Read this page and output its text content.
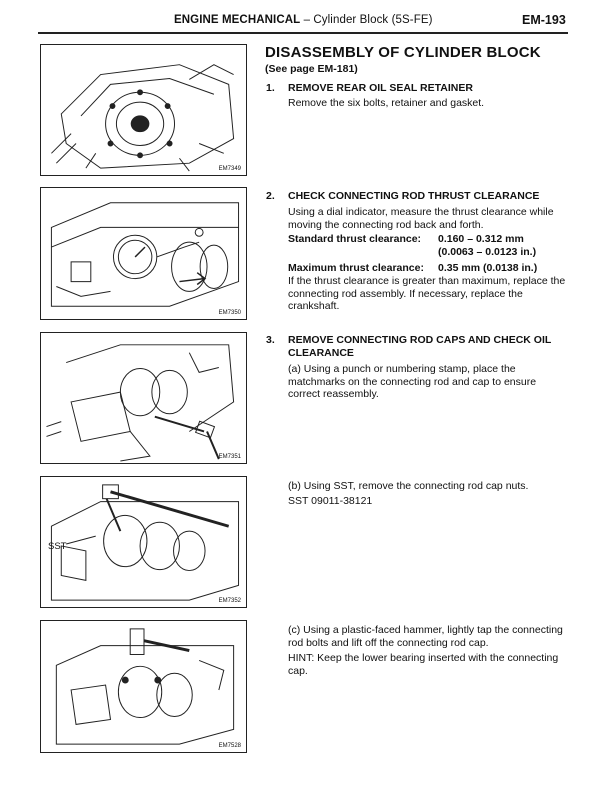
ENGINE MECHANICAL – Cylinder Block (5S-FE)	EM-193
EM7349
EM7350
EM7351
EM7352
SST
EM7528
DISASSEMBLY OF CYLINDER BLOCK
(See page EM-181)
1. REMOVE REAR OIL SEAL RETAINER
Remove the six bolts, retainer and gasket.
2. CHECK CONNECTING ROD THRUST CLEARANCE
Using a dial indicator, measure the thrust clearance while moving the connecting rod back and forth.
Standard thrust clearance: 0.160 – 0.312 mm
(0.0063 – 0.0123 in.)
Maximum thrust clearance: 0.35 mm (0.0138 in.)
If the thrust clearance is greater than maximum, replace the connecting rod assembly. If necessary, replace the crankshaft.
3. REMOVE CONNECTING ROD CAPS AND CHECK OIL
CLEARANCE
(a) Using a punch or numbering stamp, place the matchmarks on the connecting rod and cap to ensure correct reassembly.
(b) Using SST, remove the connecting rod cap nuts.
SST 09011-38121
(c) Using a plastic-faced hammer, lightly tap the connecting rod bolts and lift off the connecting rod cap.
HINT: Keep the lower bearing inserted with the connecting cap.
